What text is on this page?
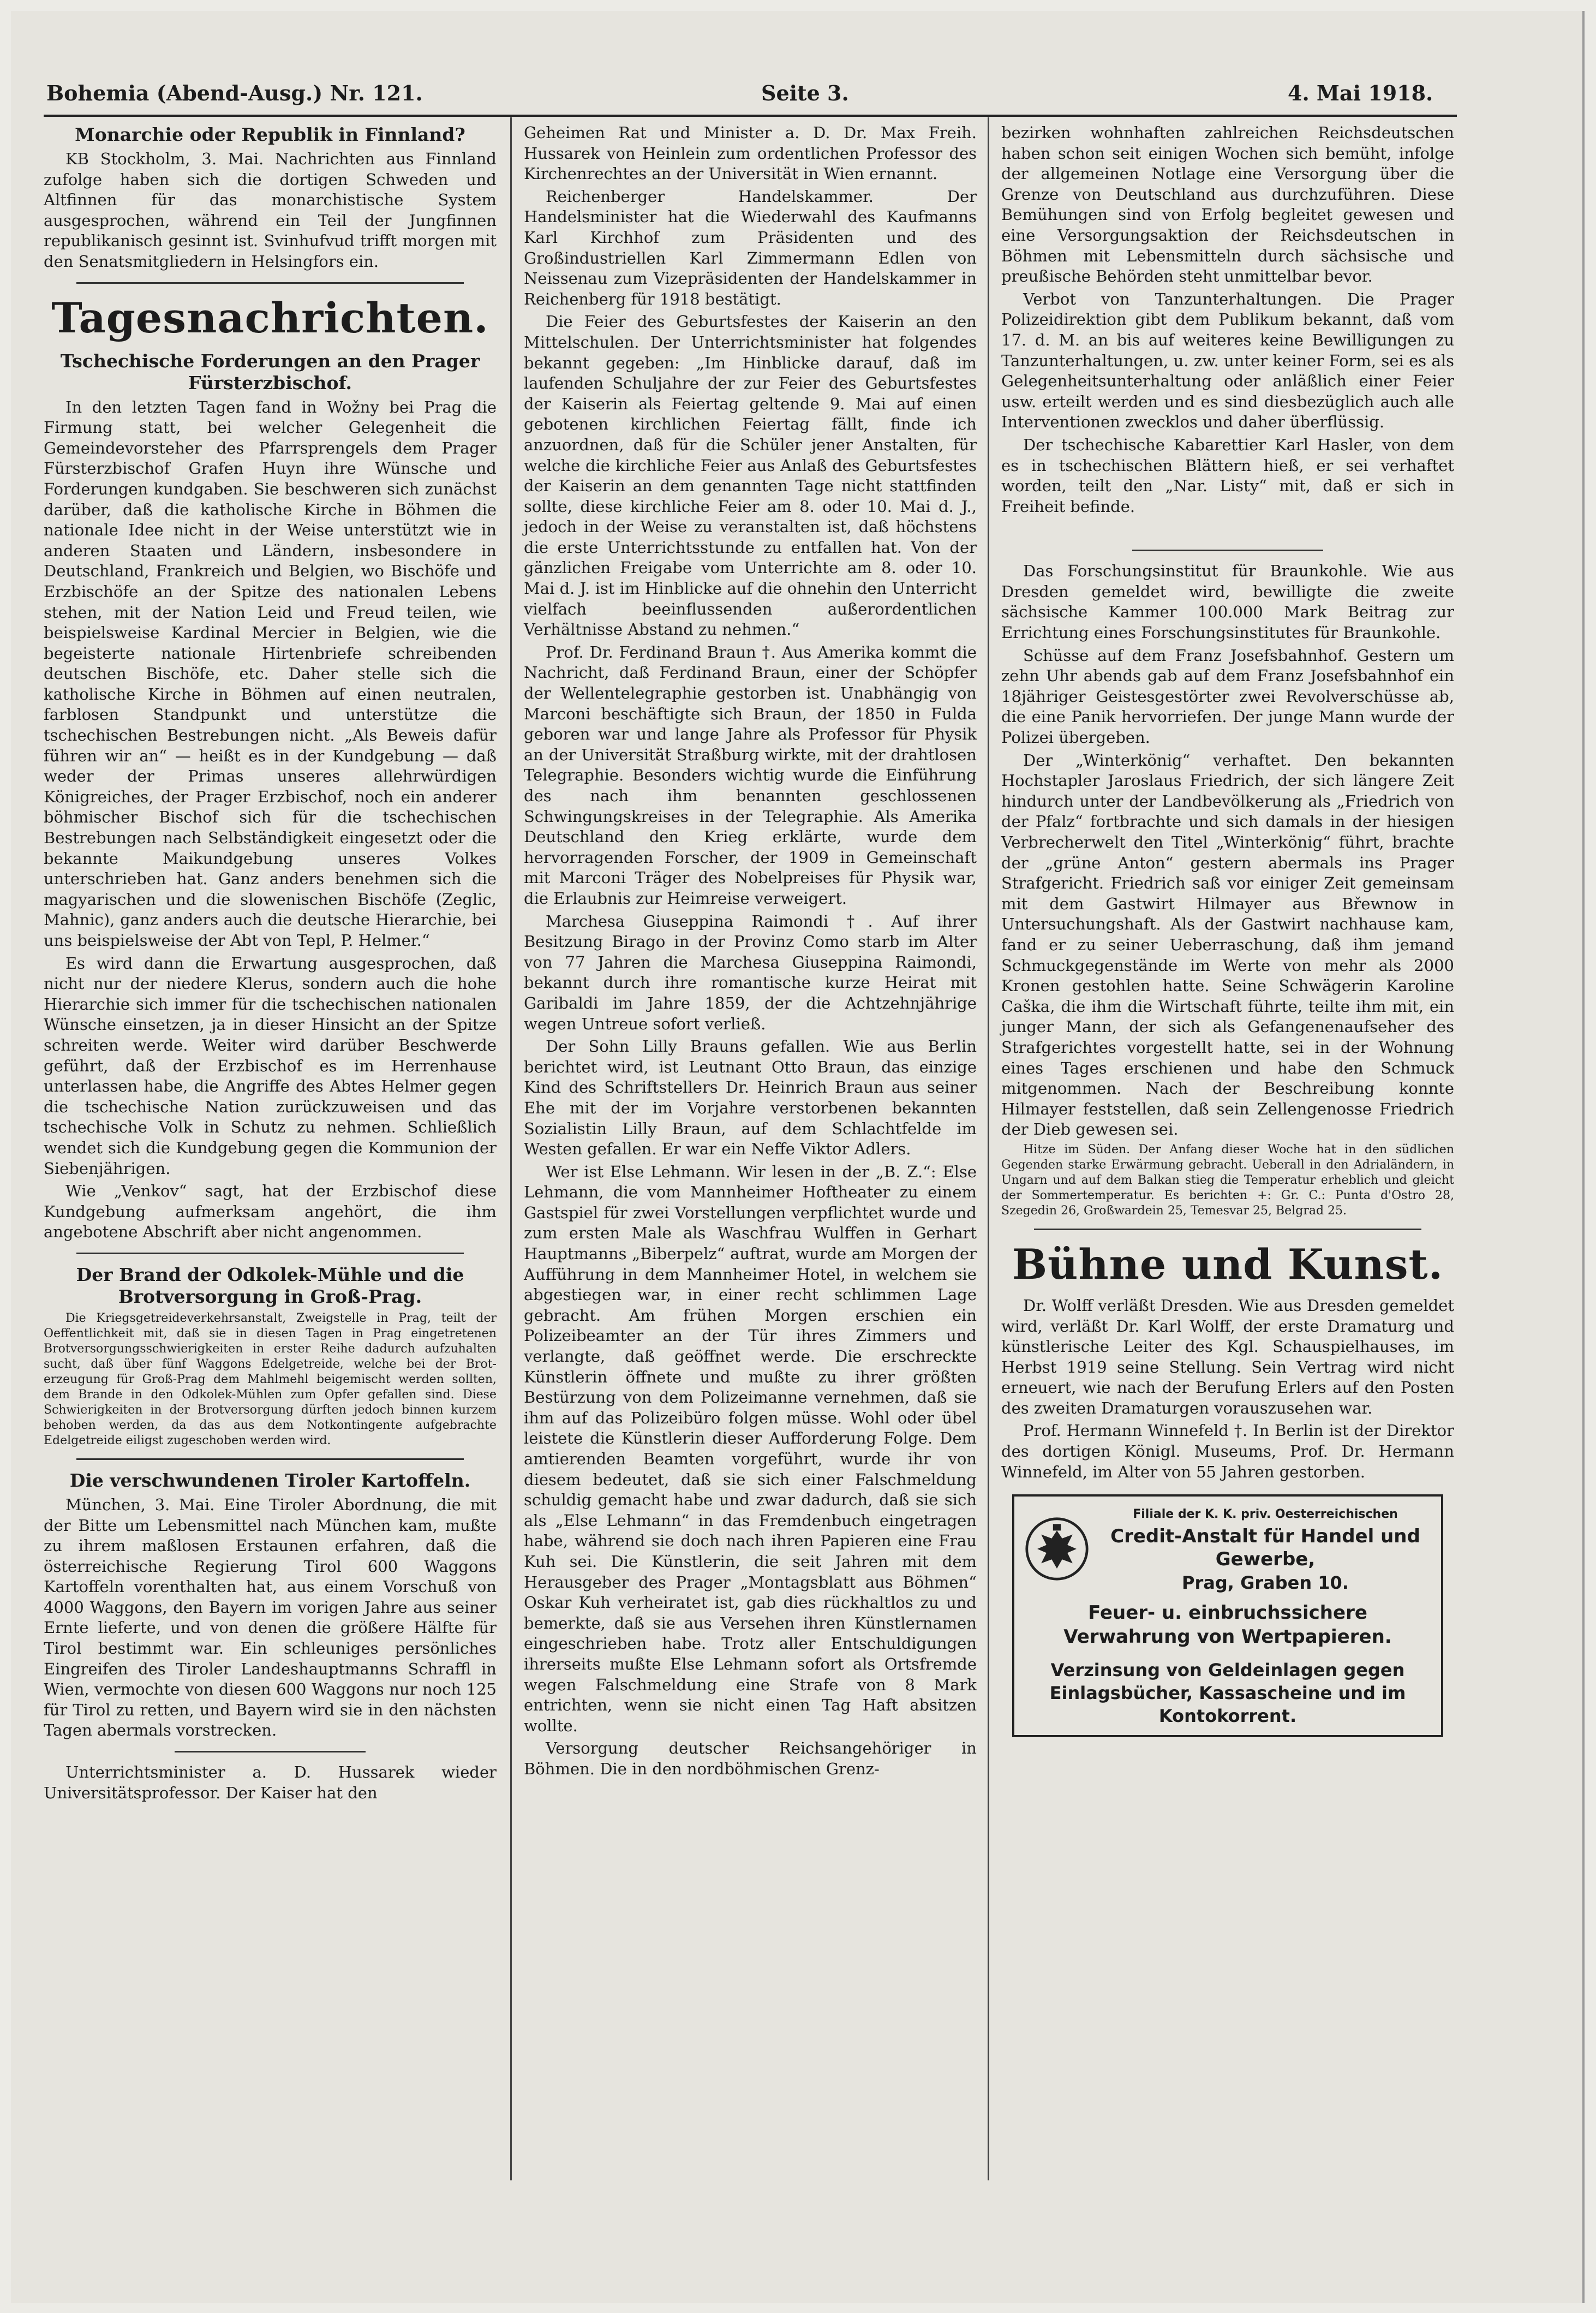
Bohemia (Abend-Ausg.) Nr. 121.	Seite 3.	4. Mai 1918.
Monarchie oder Republik in Finnland?

KB Stockholm, 3. Mai. Nachrichten aus Finnland zufolge haben sich die dortigen Schweden und Altfinnen für das monarchistische System ausgesprochen, während ein Teil der Jungfinnen republikanisch gesinnt ist. Svinhufvud trifft morgen mit den Senatsmitgliedern in Helsingfors ein.

Tagesnachrichten.
Tschechische Forderungen an den Prager Fürsterzbischof.

In den letzten Tagen fand in Wožny bei Prag die Firmung statt, bei welcher Gelegenheit die Gemeindevorsteher des Pfarrsprengels dem Prager Fürsterzbischof Grafen Huyn ihre Wünsche und Forderungen kundgaben. Sie beschweren sich zunächst darüber, daß die katholische Kirche in Böhmen die nationale Idee nicht in der Weise unterstützt wie in anderen Staaten und Ländern, insbesondere in Deutschland, Frankreich und Belgien, wo Bischöfe und Erzbischöfe an der Spitze des nationalen Lebens stehen, mit der Nation Leid und Freud teilen, wie beispielsweise Kardinal Mercier in Belgien, wie die begeisterte nationale Hirtenbriefe schreibenden deutschen Bischöfe, etc. Daher stelle sich die katholische Kirche in Böhmen auf einen neutralen, farblosen Standpunkt und unterstütze die tschechischen Bestrebungen nicht. „Als Beweis dafür führen wir an“ — heißt es in der Kundgebung — daß weder der Primas unseres allehrwürdigen Königreiches, der Prager Erzbischof, noch ein anderer böhmischer Bischof sich für die tschechischen Bestrebungen nach Selbständigkeit eingesetzt oder die bekannte Maikundgebung unseres Volkes unterschrieben hat. Ganz anders benehmen sich die magyarischen und die slowenischen Bischöfe (Zeglic, Mahnic), ganz anders auch die deutsche Hierarchie, bei uns beispielsweise der Abt von Tepl, P. Helmer.“

Es wird dann die Erwartung ausgesprochen, daß nicht nur der niedere Klerus, sondern auch die hohe Hierarchie sich immer für die tschechischen nationalen Wünsche einsetzen, ja in dieser Hinsicht an der Spitze schreiten werde. Weiter wird darüber Beschwerde geführt, daß der Erzbischof es im Herrenhause unterlassen habe, die Angriffe des Abtes Helmer gegen die tschechische Nation zurückzuweisen und das tschechische Volk in Schutz zu nehmen. Schließlich wendet sich die Kundgebung gegen die Kommunion der Siebenjährigen.

Wie „Venkov“ sagt, hat der Erzbischof diese Kundgebung aufmerksam angehört, die ihm angebotene Abschrift aber nicht angenommen.

Der Brand der Odkolek-Mühle und die Brotversorgung in Groß-Prag.

Die Kriegsgetreideverkehrsanstalt, Zweigstelle in Prag, teilt der Oeffentlichkeit mit, daß sie in diesen Tagen in Prag eingetretenen Brotversorgungsschwierigkeiten in erster Reihe dadurch aufzuhalten sucht, daß über fünf Waggons Edelgetreide, welche bei der Brot-erzeugung für Groß-Prag dem Mahlmehl beigemischt werden sollten, dem Brande in den Odkolek-Mühlen zum Opfer gefallen sind. Diese Schwierigkeiten in der Brotversorgung dürften jedoch binnen kurzem behoben werden, da das aus dem Notkontingente aufgebrachte Edelgetreide eiligst zugeschoben werden wird.

Die verschwundenen Tiroler Kartoffeln.

München, 3. Mai. Eine Tiroler Abordnung, die mit der Bitte um Lebensmittel nach München kam, mußte zu ihrem maßlosen Erstaunen erfahren, daß die österreichische Regierung Tirol 600 Waggons Kartoffeln vorenthalten hat, aus einem Vorschuß von 4000 Waggons, den Bayern im vorigen Jahre aus seiner Ernte lieferte, und von denen die größere Hälfte für Tirol bestimmt war. Ein schleuniges persönliches Eingreifen des Tiroler Landeshauptmanns Schraffl in Wien, vermochte von diesen 600 Waggons nur noch 125 für Tirol zu retten, und Bayern wird sie in den nächsten Tagen abermals vorstrecken.

Unterrichtsminister a. D. Hussarek wieder Universitätsprofessor. Der Kaiser hat den

Geheimen Rat und Minister a. D. Dr. Max Freih. Hussarek von Heinlein zum ordentlichen Professor des Kirchenrechtes an der Universität in Wien ernannt.

Reichenberger Handelskammer. Der Handelsminister hat die Wiederwahl des Kaufmanns Karl Kirchhof zum Präsidenten und des Großindustriellen Karl Zimmermann Edlen von Neissenau zum Vizepräsidenten der Handelskammer in Reichenberg für 1918 bestätigt.

Die Feier des Geburtsfestes der Kaiserin an den Mittelschulen. Der Unterrichtsminister hat folgendes bekannt gegeben: „Im Hinblicke darauf, daß im laufenden Schuljahre der zur Feier des Geburtsfestes der Kaiserin als Feiertag geltende 9. Mai auf einen gebotenen kirchlichen Feiertag fällt, finde ich anzuordnen, daß für die Schüler jener Anstalten, für welche die kirchliche Feier aus Anlaß des Geburtsfestes der Kaiserin an dem genannten Tage nicht stattfinden sollte, diese kirchliche Feier am 8. oder 10. Mai d. J., jedoch in der Weise zu veranstalten ist, daß höchstens die erste Unterrichtsstunde zu entfallen hat. Von der gänzlichen Freigabe vom Unterrichte am 8. oder 10. Mai d. J. ist im Hinblicke auf die ohnehin den Unterricht vielfach beeinflussenden außerordentlichen Verhältnisse Abstand zu nehmen.“

Prof. Dr. Ferdinand Braun †. Aus Amerika kommt die Nachricht, daß Ferdinand Braun, einer der Schöpfer der Wellentelegraphie gestorben ist. Unabhängig von Marconi beschäftigte sich Braun, der 1850 in Fulda geboren war und lange Jahre als Professor für Physik an der Universität Straßburg wirkte, mit der drahtlosen Telegraphie. Besonders wichtig wurde die Einführung des nach ihm benannten geschlossenen Schwingungskreises in der Telegraphie. Als Amerika Deutschland den Krieg erklärte, wurde dem hervorragenden Forscher, der 1909 in Gemeinschaft mit Marconi Träger des Nobelpreises für Physik war, die Erlaubnis zur Heimreise verweigert.

Marchesa Giuseppina Raimondi †. Auf ihrer Besitzung Birago in der Provinz Como starb im Alter von 77 Jahren die Marchesa Giuseppina Raimondi, bekannt durch ihre romantische kurze Heirat mit Garibaldi im Jahre 1859, der die Achtzehnjährige wegen Untreue sofort verließ.

Der Sohn Lilly Brauns gefallen. Wie aus Berlin berichtet wird, ist Leutnant Otto Braun, das einzige Kind des Schriftstellers Dr. Heinrich Braun aus seiner Ehe mit der im Vorjahre verstorbenen bekannten Sozialistin Lilly Braun, auf dem Schlachtfelde im Westen gefallen. Er war ein Neffe Viktor Adlers.

Wer ist Else Lehmann. Wir lesen in der „B. Z.“: Else Lehmann, die vom Mannheimer Hoftheater zu einem Gastspiel für zwei Vorstellungen verpflichtet wurde und zum ersten Male als Waschfrau Wulffen in Gerhart Hauptmanns „Biberpelz“ auftrat, wurde am Morgen der Aufführung in dem Mannheimer Hotel, in welchem sie abgestiegen war, in einer recht schlimmen Lage gebracht. Am frühen Morgen erschien ein Polizeibeamter an der Tür ihres Zimmers und verlangte, daß geöffnet werde. Die erschreckte Künstlerin öffnete und mußte zu ihrer größten Bestürzung von dem Polizeimanne vernehmen, daß sie ihm auf das Polizeibüro folgen müsse. Wohl oder übel leistete die Künstlerin dieser Aufforderung Folge. Dem amtierenden Beamten vorgeführt, wurde ihr von diesem bedeutet, daß sie sich einer Falschmeldung schuldig gemacht habe und zwar dadurch, daß sie sich als „Else Lehmann“ in das Fremdenbuch eingetragen habe, während sie doch nach ihren Papieren eine Frau Kuh sei. Die Künstlerin, die seit Jahren mit dem Herausgeber des Prager „Montagsblatt aus Böhmen“ Oskar Kuh verheiratet ist, gab dies rückhaltlos zu und bemerkte, daß sie aus Versehen ihren Künstlernamen eingeschrieben habe. Trotz aller Entschuldigungen ihrerseits mußte Else Lehmann sofort als Ortsfremde wegen Falschmeldung eine Strafe von 8 Mark entrichten, wenn sie nicht einen Tag Haft absitzen wollte.

Versorgung deutscher Reichsangehöriger in Böhmen. Die in den nordböhmischen Grenz-

bezirken wohnhaften zahlreichen Reichsdeutschen haben schon seit einigen Wochen sich bemüht, infolge der allgemeinen Notlage eine Versorgung über die Grenze von Deutschland aus durchzuführen. Diese Bemühungen sind von Erfolg begleitet gewesen und eine Versorgungsaktion der Reichsdeutschen in Böhmen mit Lebensmitteln durch sächsische und preußische Behörden steht unmittelbar bevor.

Verbot von Tanzunterhaltungen. Die Prager Polizeidirektion gibt dem Publikum bekannt, daß vom 17. d. M. an bis auf weiteres keine Bewilligungen zu Tanzunterhaltungen, u. zw. unter keiner Form, sei es als Gelegenheitsunterhaltung oder anläßlich einer Feier usw. erteilt werden und es sind diesbezüglich auch alle Interventionen zwecklos und daher überflüssig.

Der tschechische Kabarettier Karl Hasler, von dem es in tschechischen Blättern hieß, er sei verhaftet worden, teilt den „Nar. Listy“ mit, daß er sich in Freiheit befinde.

Das Forschungsinstitut für Braunkohle. Wie aus Dresden gemeldet wird, bewilligte die zweite sächsische Kammer 100.000 Mark Beitrag zur Errichtung eines Forschungsinstitutes für Braunkohle.

Schüsse auf dem Franz Josefsbahnhof. Gestern um zehn Uhr abends gab auf dem Franz Josefsbahnhof ein 18jähriger Geistesgestörter zwei Revolverschüsse ab, die eine Panik hervorriefen. Der junge Mann wurde der Polizei übergeben.

Der „Winterkönig“ verhaftet. Den bekannten Hochstapler Jaroslaus Friedrich, der sich längere Zeit hindurch unter der Landbevölkerung als „Friedrich von der Pfalz“ fortbrachte und sich damals in der hiesigen Verbrecherwelt den Titel „Winterkönig“ führt, brachte der „grüne Anton“ gestern abermals ins Prager Strafgericht. Friedrich saß vor einiger Zeit gemeinsam mit dem Gastwirt Hilmayer aus Břewnow in Untersuchungshaft. Als der Gastwirt nachhause kam, fand er zu seiner Ueberraschung, daß ihm jemand Schmuckgegenstände im Werte von mehr als 2000 Kronen gestohlen hatte. Seine Schwägerin Karoline Caška, die ihm die Wirtschaft führte, teilte ihm mit, ein junger Mann, der sich als Gefangenenaufseher des Strafgerichtes vorgestellt hatte, sei in der Wohnung eines Tages erschienen und habe den Schmuck mitgenommen. Nach der Beschreibung konnte Hilmayer feststellen, daß sein Zellengenosse Friedrich der Dieb gewesen sei.

Hitze im Süden. Der Anfang dieser Woche hat in den südlichen Gegenden starke Erwärmung gebracht. Ueberall in den Adrialändern, in Ungarn und auf dem Balkan stieg die Temperatur erheblich und gleicht der Sommertemperatur. Es berichten +: Gr. C.: Punta d'Ostro 28, Szegedin 26, Großwardein 25, Temesvar 25, Belgrad 25.

Bühne und Kunst.

Dr. Wolff verläßt Dresden. Wie aus Dresden gemeldet wird, verläßt Dr. Karl Wolff, der erste Dramaturg und künstlerische Leiter des Kgl. Schauspielhauses, im Herbst 1919 seine Stellung. Sein Vertrag wird nicht erneuert, wie nach der Berufung Erlers auf den Posten des zweiten Dramaturgen vorauszusehen war.

Prof. Hermann Winnefeld †. In Berlin ist der Direktor des dortigen Königl. Museums, Prof. Dr. Hermann Winnefeld, im Alter von 55 Jahren gestorben.

Filiale der K. K. priv. Oesterreichischen
Credit-Anstalt für Handel und Gewerbe,
Prag, Graben 10.
Feuer- u. einbruchssichere Verwahrung von Wertpapieren.
Verzinsung von Geldeinlagen gegen Einlagsbücher, Kassascheine und im Kontokorrent.
